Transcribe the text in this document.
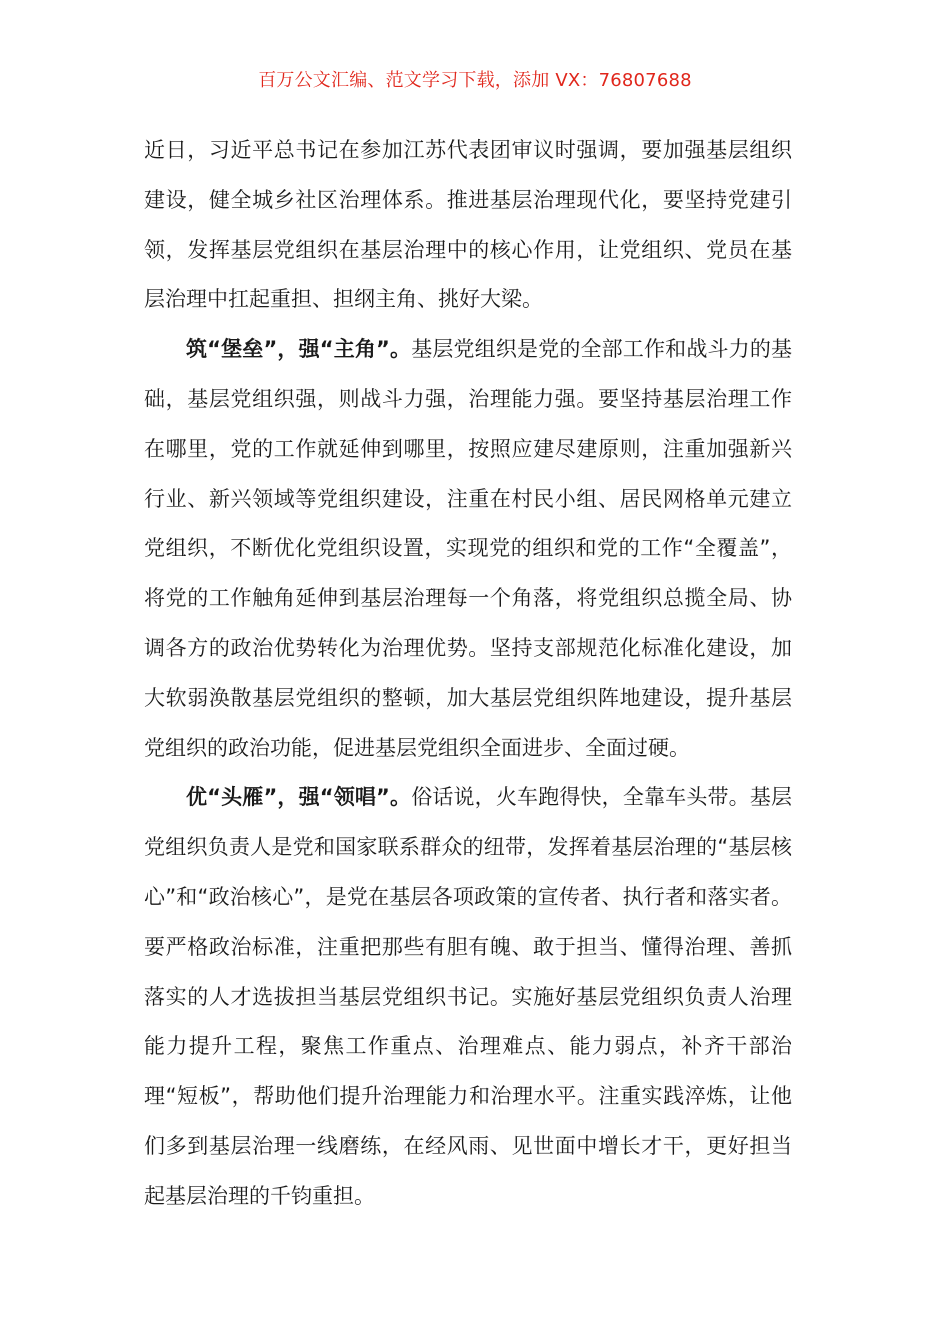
百万公文汇编、范文学习下载，添加 VX：76807688

近日，习近平总书记在参加江苏代表团审议时强调，要加强基层组织建设，健全城乡社区治理体系。推进基层治理现代化，要坚持党建引领，发挥基层党组织在基层治理中的核心作用，让党组织、党员在基层治理中扛起重担、担纲主角、挑好大梁。

筑“堡垒”，强“主角”。基层党组织是党的全部工作和战斗力的基础，基层党组织强，则战斗力强，治理能力强。要坚持基层治理工作在哪里，党的工作就延伸到哪里，按照应建尽建原则，注重加强新兴行业、新兴领域等党组织建设，注重在村民小组、居民网格单元建立党组织，不断优化党组织设置，实现党的组织和党的工作“全覆盖”，将党的工作触角延伸到基层治理每一个角落，将党组织总揽全局、协调各方的政治优势转化为治理优势。坚持支部规范化标准化建设，加大软弱涣散基层党组织的整顿，加大基层党组织阵地建设，提升基层党组织的政治功能，促进基层党组织全面进步、全面过硬。

优“头雁”，强“领唱”。俗话说，火车跑得快，全靠车头带。基层党组织负责人是党和国家联系群众的纽带，发挥着基层治理的“基层核心”和“政治核心”，是党在基层各项政策的宣传者、执行者和落实者。要严格政治标准，注重把那些有胆有魄、敢于担当、懂得治理、善抓落实的人才选拔担当基层党组织书记。实施好基层党组织负责人治理能力提升工程，聚焦工作重点、治理难点、能力弱点，补齐干部治理“短板”，帮助他们提升治理能力和治理水平。注重实践淬炼，让他们多到基层治理一线磨练，在经风雨、见世面中增长才干，更好担当起基层治理的千钧重担。
